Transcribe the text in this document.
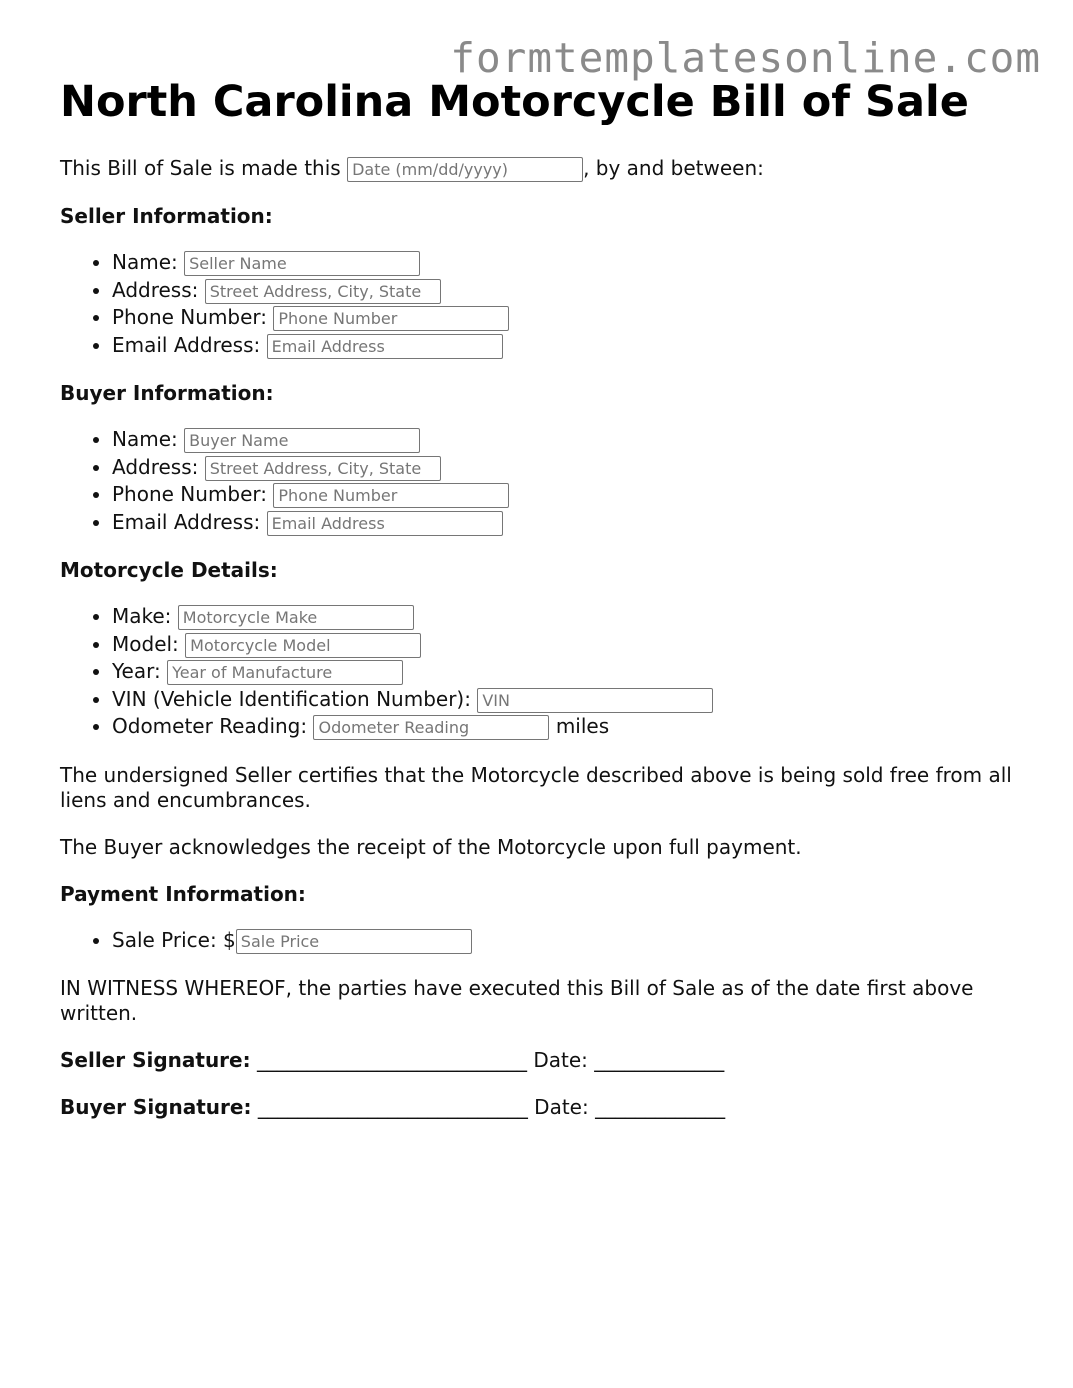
formtemplatesonline.com
North Carolina Motorcycle Bill of Sale

This Bill of Sale is made this Date (mm/dd/yyyy)	, by and between:

Seller Information:
• Name: Seller Name
• Address: Street Address, City, State
• Phone Number: Phone Number
• Email Address: Email Address
Buyer Information:
• Name: Buyer Name
• Address: Street Address, City, State
• Phone Number: Phone Number
• Email Address: Email Address
Motorcycle Details:
• Make: Motorcycle Make
• Model: Motorcycle Model
• Year: Year of Manufacture
• VIN (Vehicle Identification Number): VIN
• Odometer Reading: Odometer Reading	miles

The undersigned Seller certifies that the Motorcycle described above is being sold free from all liens and encumbrances.

The Buyer acknowledges the receipt of the Motorcycle upon full payment.

Payment Information:
• Sale Price: $Sale Price

IN WITNESS WHEREOF, the parties have executed this Bill of Sale as of the date first above written.

Seller Signature: ___________________________ Date: _____________
Buyer Signature: ___________________________ Date: _____________
